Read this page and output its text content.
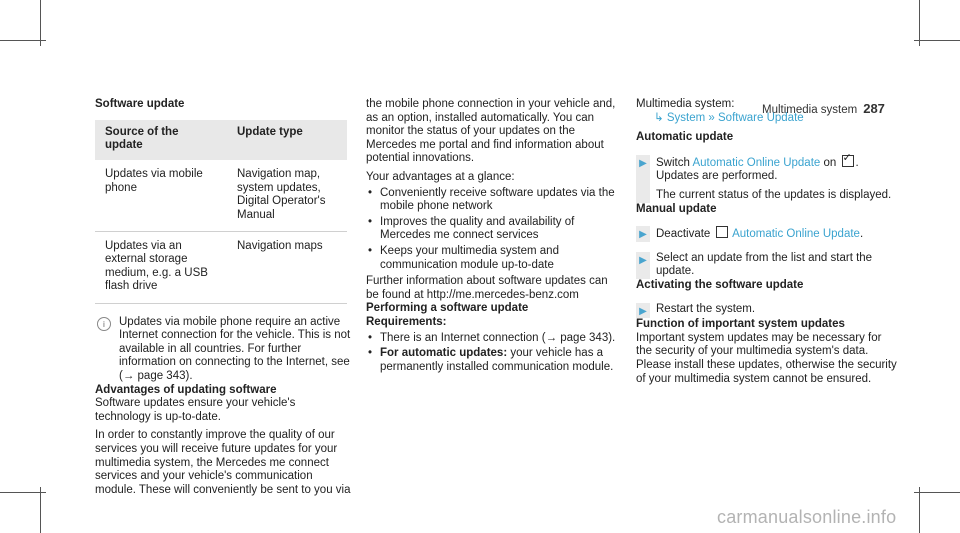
Multimedia system 287

Software update

Source of the update	Update type
Updates via mobile phone	Navigation map, system updates, Digital Operator's Manual
Updates via an external storage medium, e.g. a USB flash drive	Navigation maps
i	Updates via mobile phone require an active Internet connection for the vehicle. This is not available in all countries. For further information on connecting to the Internet, see (→ page 343).

Advantages of updating software

Software updates ensure your vehicle's technology is up-to-date.

In order to constantly improve the quality of our services you will receive future updates for your multimedia system, the Mercedes me connect services and your vehicle's communication module. These will conveniently be sent to you via

the mobile phone connection in your vehicle and, as an option, installed automatically. You can monitor the status of your updates on the Mercedes me portal and find information about potential innovations.

Your advantages at a glance:

• Conveniently receive software updates via the mobile phone network
• Improves the quality and availability of Mercedes me connect services
• Keeps your multimedia system and communication module up-to-date

Further information about software updates can be found at http://me.mercedes-benz.com

Performing a software update

Requirements:

• There is an Internet connection (→ page 343).
• For automatic updates: your vehicle has a permanently installed communication module.

Multimedia system:

↳ System » Software Update

Automatic update

▶ Switch Automatic Online Update on ✓ .

Updates are performed.

The current status of the updates is displayed.

Manual update

▶ Deactivate  Automatic Online Update.

▶ Select an update from the list and start the update.

Activating the software update

▶ Restart the system.

Function of important system updates

Important system updates may be necessary for the security of your multimedia system's data. Please install these updates, otherwise the security of your multimedia system cannot be ensured.

carmanualsonline.info
